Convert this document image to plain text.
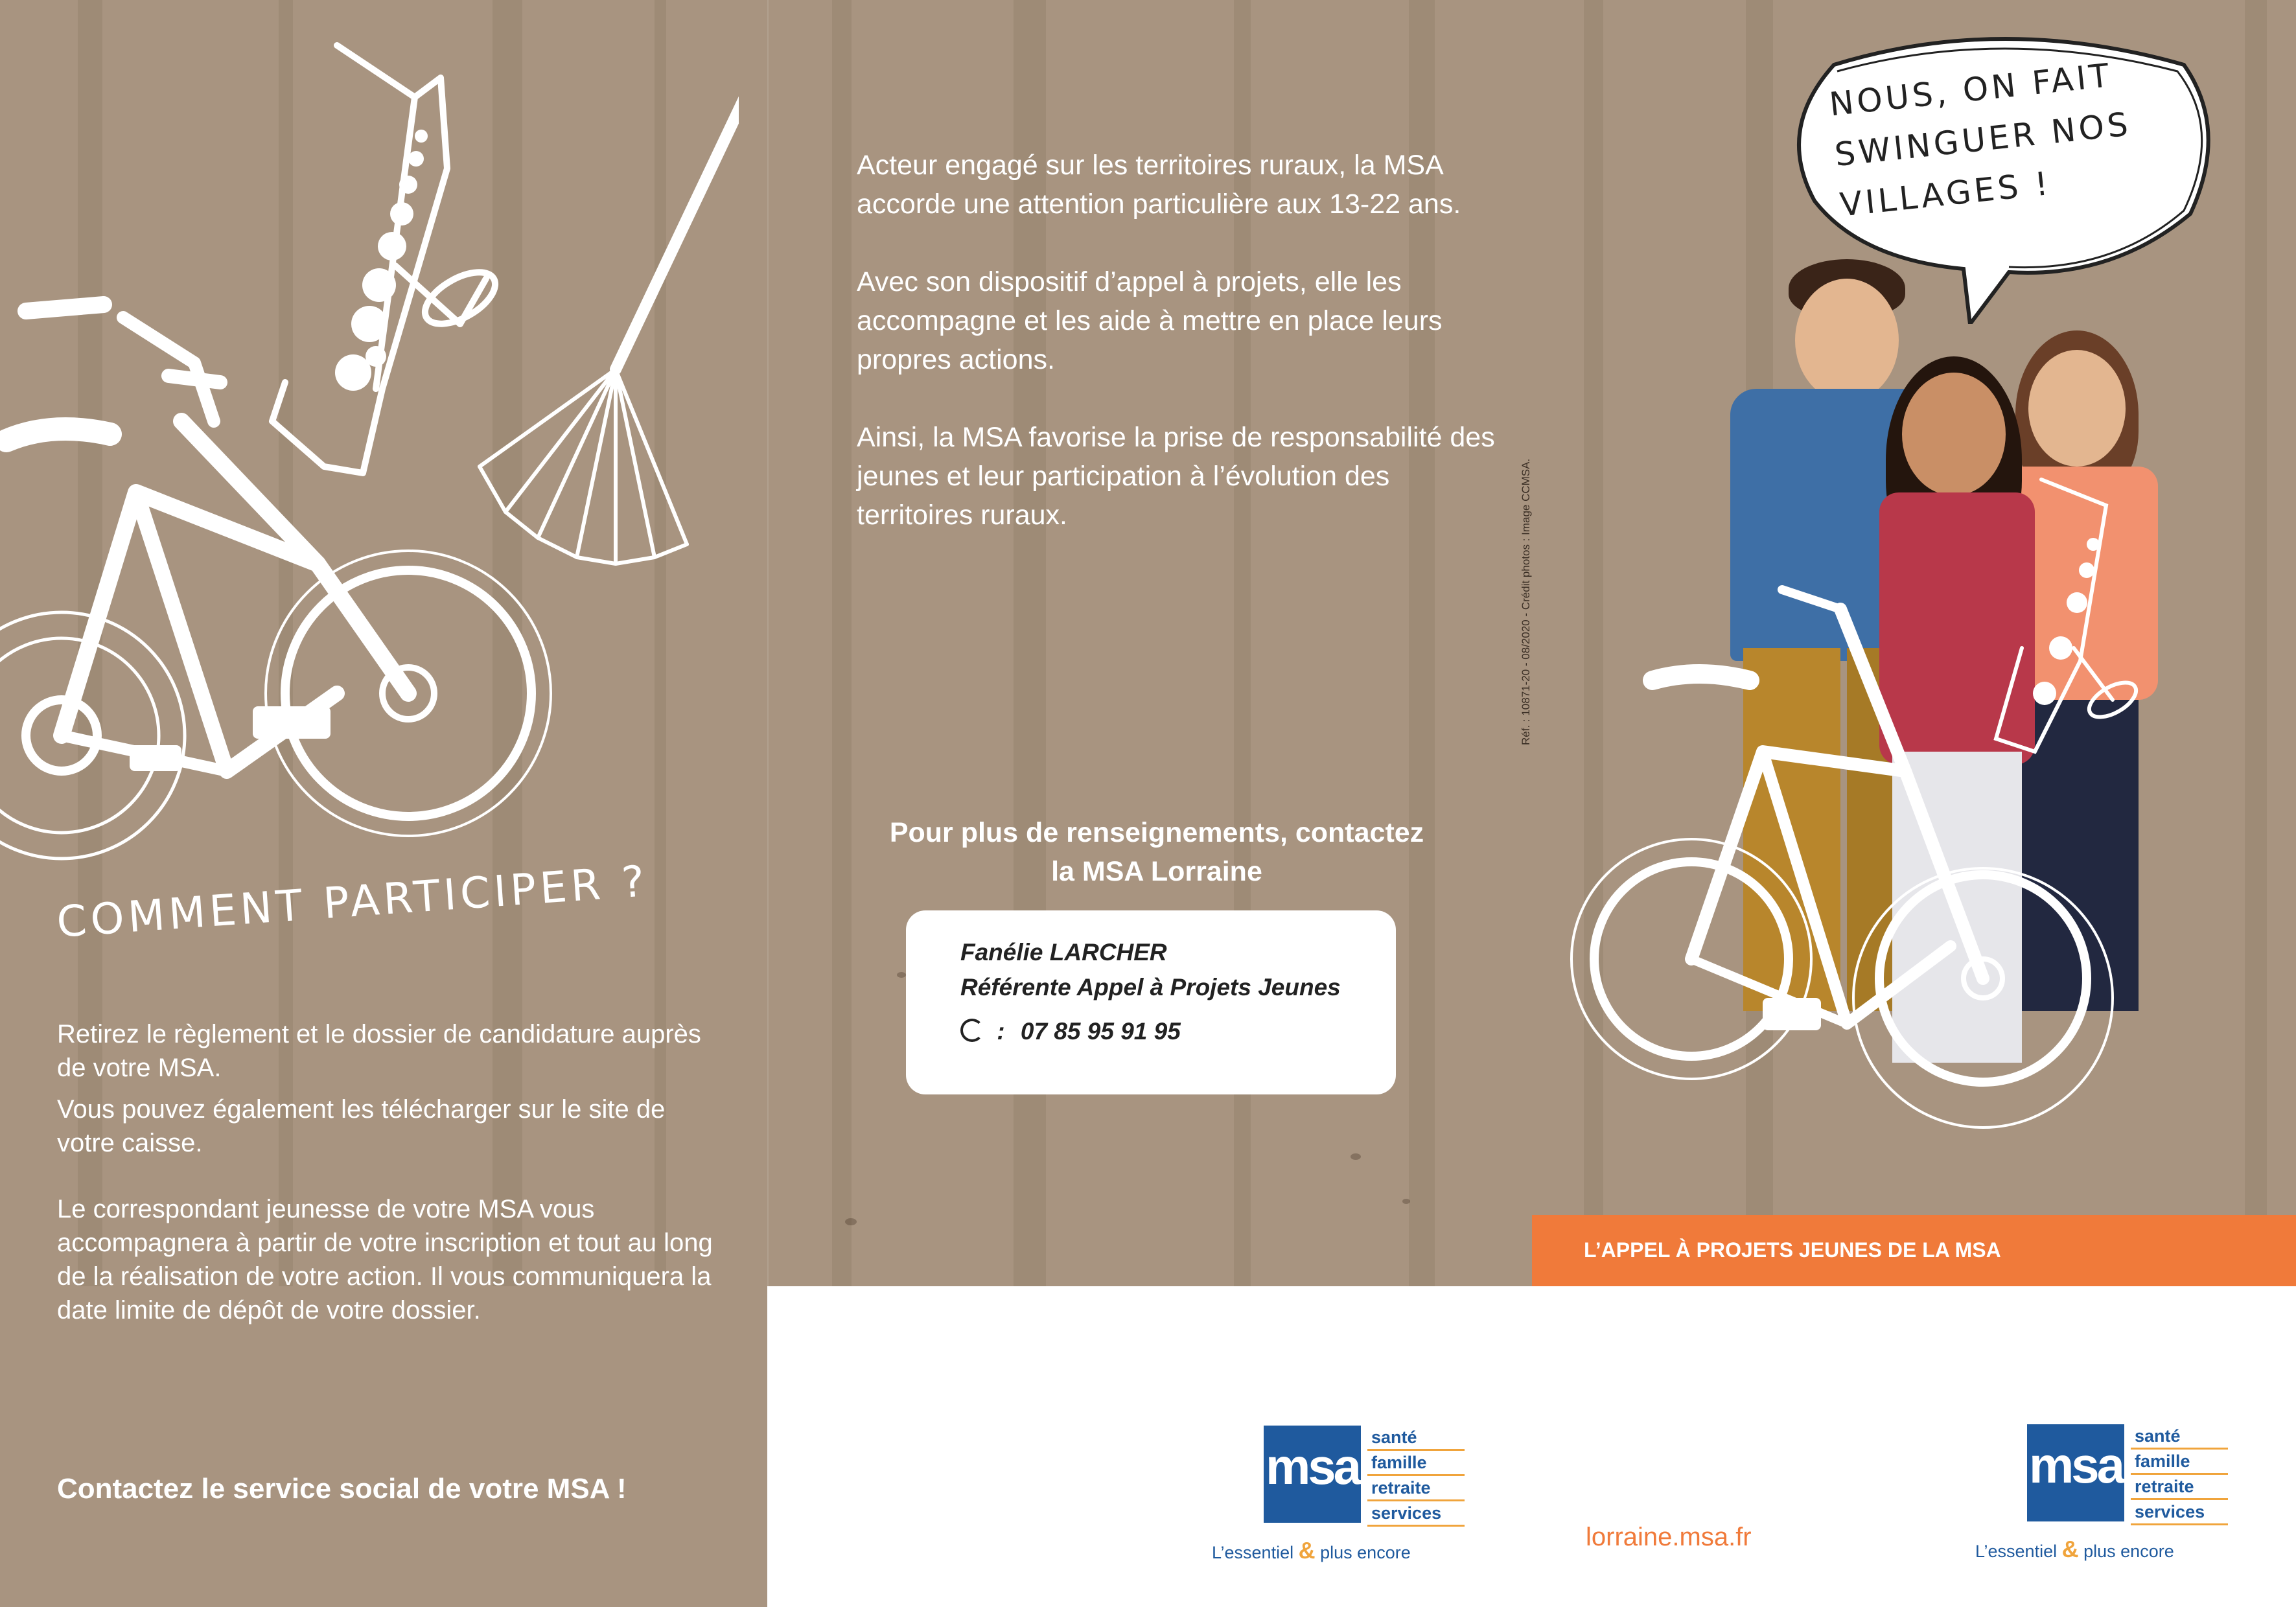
COMMENT PARTICIPER ?

Retirez le règlement et le dossier de candidature auprès de votre MSA.

Vous pouvez également les télécharger sur le site de votre caisse.

Le correspondant jeunesse de votre MSA vous accompagnera à partir de votre inscription et tout au long de la réalisation de votre action. Il vous communiquera la date limite de dépôt de votre dossier.

Contactez le service social de votre MSA !

Acteur engagé sur les territoires ruraux, la MSA accorde une attention particulière aux 13-22 ans.

Avec son dispositif d’appel à projets, elle les accompagne et les aide à mettre en place leurs propres actions.

Ainsi, la MSA favorise la prise de responsabilité des jeunes et leur participation à l’évolution des territoires ruraux.

Pour plus de renseignements, contactez la MSA Lorraine
Fanélie LARCHER
Référente Appel à Projets Jeunes
: 07 85 95 91 95
Réf. : 10871-20 - 08/2020 - Crédit photos : Image CCMSA.
NOUS, ON FAIT SWINGUER NOS VILLAGES !
L’APPEL À PROJETS JEUNES DE LA MSA
msa
santé
famille
retraite
services
L’essentiel & plus encore
lorraine.msa.fr
msa
santé
famille
retraite
services
L’essentiel & plus encore
